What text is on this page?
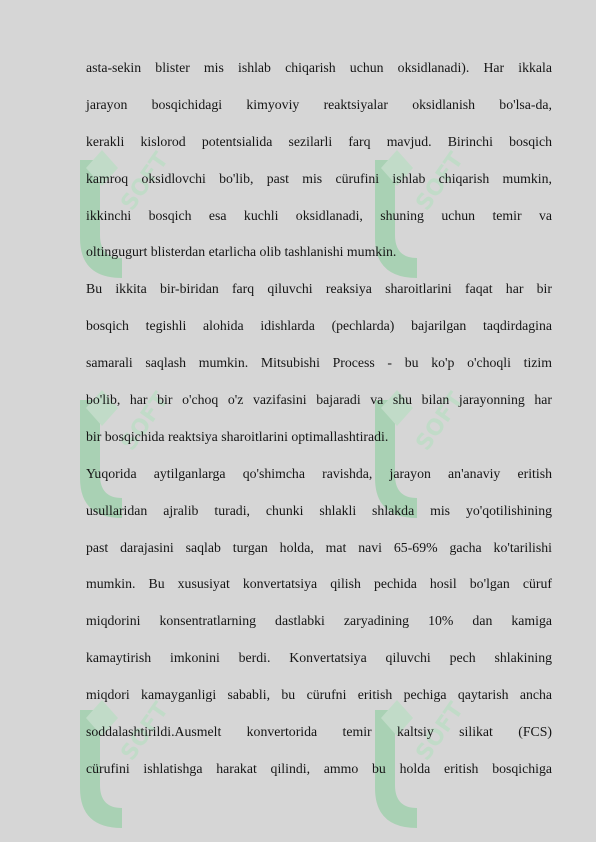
SOFT	SOFT
SOFT	SOFT
SOFT	SOFT
asta-sekin blister mis ishlab chiqarish uchun oksidlanadi). Har ikkala
jarayon bosqichidagi kimyoviy reaktsiyalar oksidlanish bo'lsa-da,
kerakli kislorod potentsialida sezilarli farq mavjud. Birinchi bosqich
kamroq oksidlovchi bo'lib, past mis cürufini ishlab chiqarish mumkin,
ikkinchi bosqich esa kuchli oksidlanadi, shuning uchun temir va
oltingugurt blisterdan etarlicha olib tashlanishi mumkin.
Bu ikkita bir-biridan farq qiluvchi reaksiya sharoitlarini faqat har bir
bosqich tegishli alohida idishlarda (pechlarda) bajarilgan taqdirdagina
samarali saqlash mumkin. Mitsubishi Process - bu ko'p o'choqli tizim
bo'lib, har bir o'choq o'z vazifasini bajaradi va shu bilan jarayonning har
bir bosqichida reaktsiya sharoitlarini optimallashtiradi.
Yuqorida aytilganlarga qo'shimcha ravishda, jarayon an'anaviy eritish
usullaridan ajralib turadi, chunki shlakli shlakda mis yo'qotilishining
past darajasini saqlab turgan holda, mat navi 65-69% gacha ko'tarilishi
mumkin. Bu xususiyat konvertatsiya qilish pechida hosil bo'lgan cüruf
miqdorini konsentratlarning dastlabki zaryadining 10% dan kamiga
kamaytirish imkonini berdi. Konvertatsiya qiluvchi pech shlakining
miqdori kamayganligi sababli, bu cürufni eritish pechiga qaytarish ancha
soddalashtirildi.Ausmelt konvertorida temir kaltsiy silikat (FCS)
cürufini ishlatishga harakat qilindi, ammo bu holda eritish bosqichiga
